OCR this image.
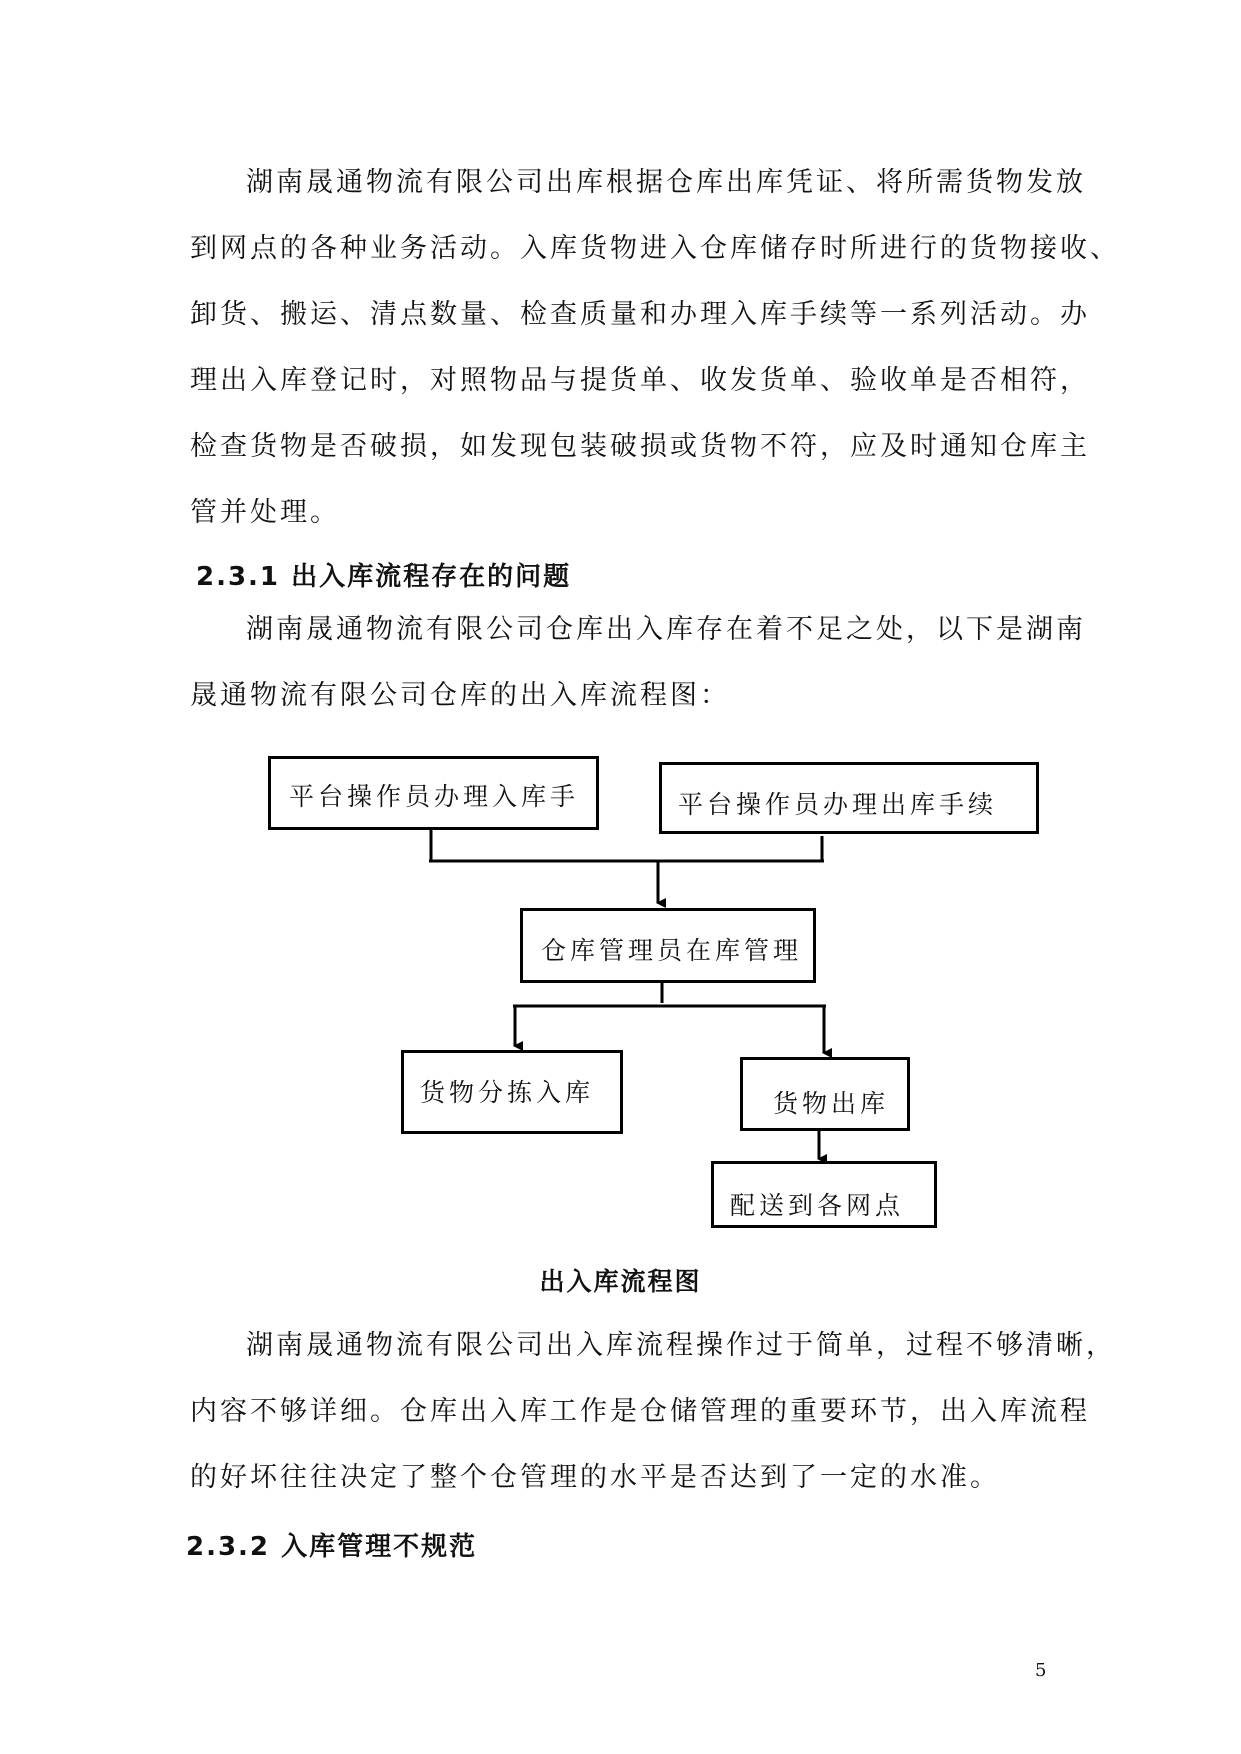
湖南晟通物流有限公司出库根据仓库出库凭证、将所需货物发放
到网点的各种业务活动。入库货物进入仓库储存时所进行的货物接收、
卸货、搬运、清点数量、检查质量和办理入库手续等一系列活动。办
理出入库登记时，对照物品与提货单、收发货单、验收单是否相符，
检查货物是否破损，如发现包装破损或货物不符，应及时通知仓库主
管并处理。
2.3.1 出入库流程存在的问题
湖南晟通物流有限公司仓库出入库存在着不足之处，以下是湖南
晟通物流有限公司仓库的出入库流程图：
平台操作员办理入库手	平台操作员办理出库手续
仓库管理员在库管理
货物分拣入库	货物出库
配送到各网点

出入库流程图

湖南晟通物流有限公司出入库流程操作过于简单，过程不够清晰，
内容不够详细。仓库出入库工作是仓储管理的重要环节，出入库流程
的好坏往往决定了整个仓管理的水平是否达到了一定的水准。
2.3.2 入库管理不规范
5
